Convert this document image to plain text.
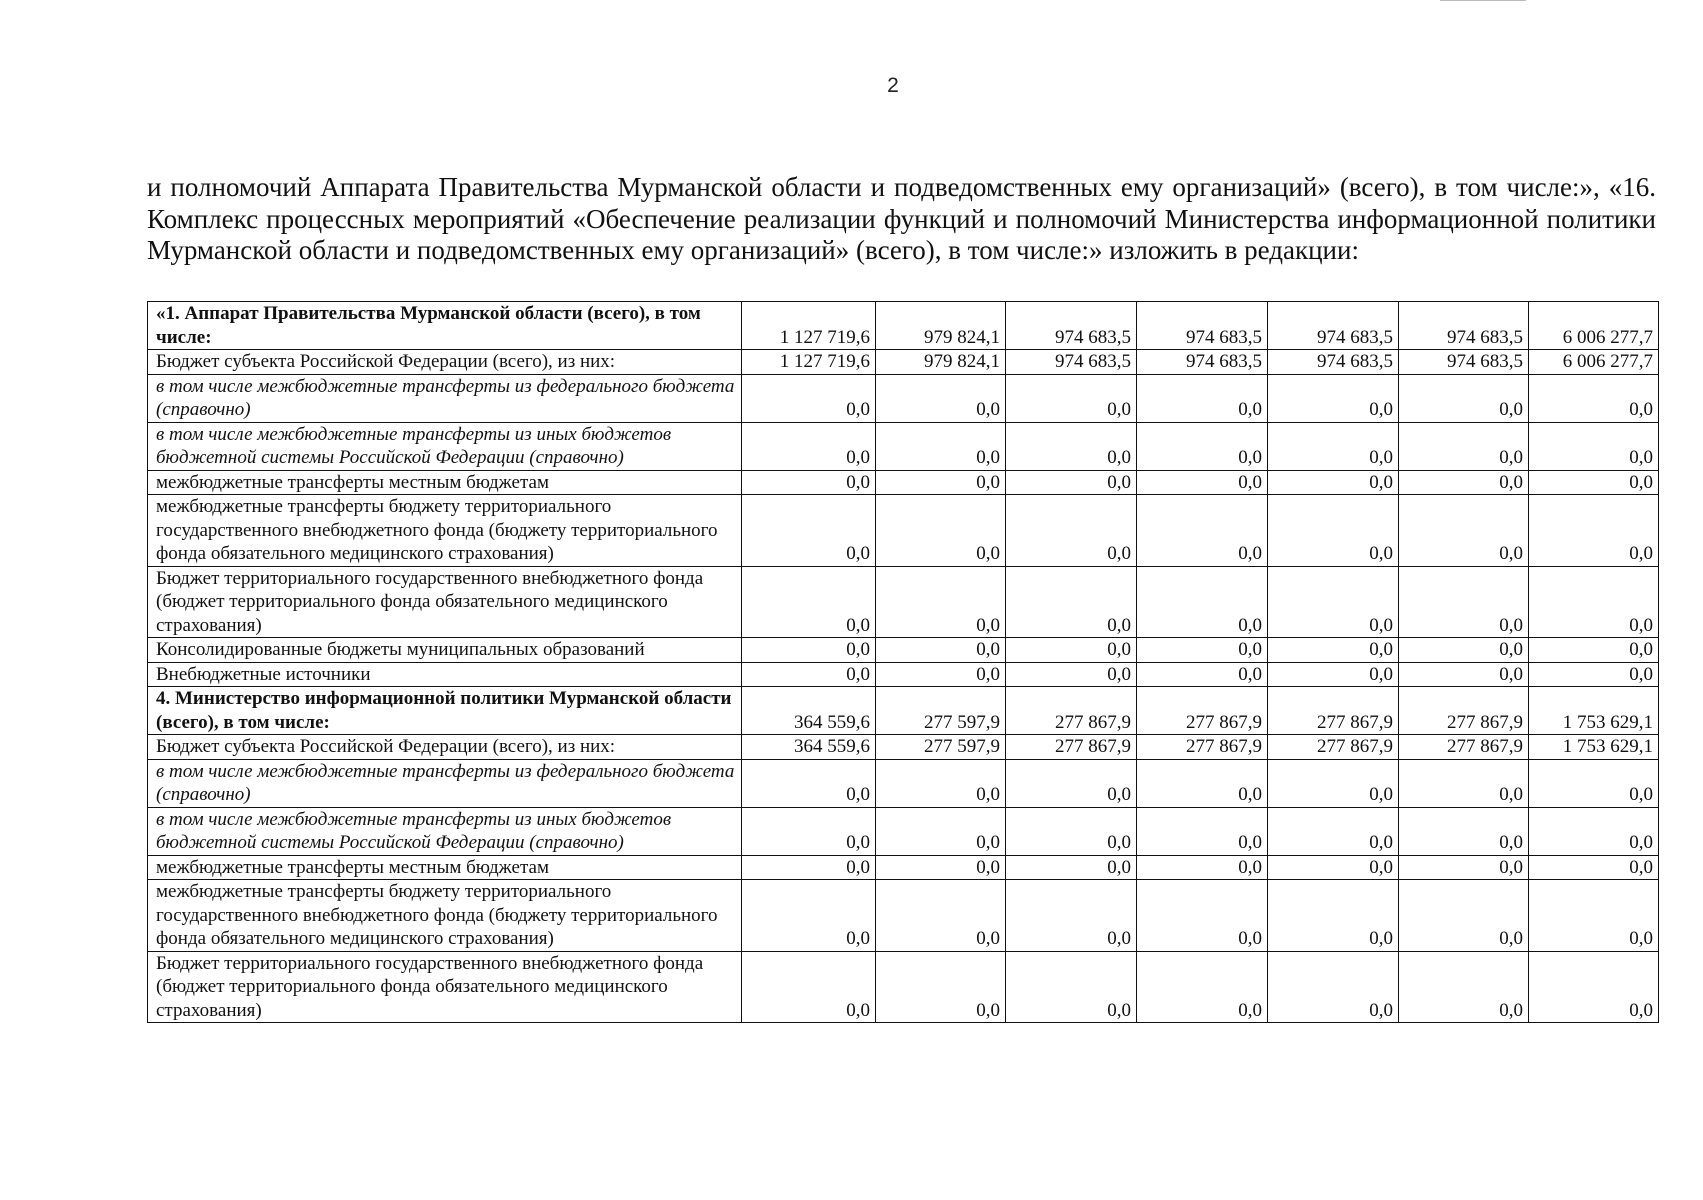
2

и полномочий Аппарата Правительства Мурманской области и подведомственных ему организаций» (всего), в том числе:», «16. Комплекс процессных мероприятий «Обеспечение реализации функций и полномочий Министерства информационной политики Мурманской области и подведомственных ему организаций» (всего), в том числе:» изложить в редакции:

«1. Аппарат Правительства Мурманской области (всего), в том числе:	1 127 719,6	979 824,1	974 683,5	974 683,5	974 683,5	974 683,5	6 006 277,7
Бюджет субъекта Российской Федерации (всего), из них:	1 127 719,6	979 824,1	974 683,5	974 683,5	974 683,5	974 683,5	6 006 277,7
в том числе межбюджетные трансферты из федерального бюджета (справочно)	0,0	0,0	0,0	0,0	0,0	0,0	0,0
в том числе межбюджетные трансферты из иных бюджетов бюджетной системы Российской Федерации (справочно)	0,0	0,0	0,0	0,0	0,0	0,0	0,0
межбюджетные трансферты местным бюджетам	0,0	0,0	0,0	0,0	0,0	0,0	0,0
межбюджетные трансферты бюджету территориального государственного внебюджетного фонда (бюджету территориального фонда обязательного медицинского страхования)	0,0	0,0	0,0	0,0	0,0	0,0	0,0
Бюджет территориального государственного внебюджетного фонда (бюджет территориального фонда обязательного медицинского страхования)	0,0	0,0	0,0	0,0	0,0	0,0	0,0
Консолидированные бюджеты муниципальных образований	0,0	0,0	0,0	0,0	0,0	0,0	0,0
Внебюджетные источники	0,0	0,0	0,0	0,0	0,0	0,0	0,0
4. Министерство информационной политики Мурманской области (всего), в том числе:	364 559,6	277 597,9	277 867,9	277 867,9	277 867,9	277 867,9	1 753 629,1
Бюджет субъекта Российской Федерации (всего), из них:	364 559,6	277 597,9	277 867,9	277 867,9	277 867,9	277 867,9	1 753 629,1
в том числе межбюджетные трансферты из федерального бюджета (справочно)	0,0	0,0	0,0	0,0	0,0	0,0	0,0
в том числе межбюджетные трансферты из иных бюджетов бюджетной системы Российской Федерации (справочно)	0,0	0,0	0,0	0,0	0,0	0,0	0,0
межбюджетные трансферты местным бюджетам	0,0	0,0	0,0	0,0	0,0	0,0	0,0
межбюджетные трансферты бюджету территориального государственного внебюджетного фонда (бюджету территориального фонда обязательного медицинского страхования)	0,0	0,0	0,0	0,0	0,0	0,0	0,0
Бюджет территориального государственного внебюджетного фонда (бюджет территориального фонда обязательного медицинского страхования)	0,0	0,0	0,0	0,0	0,0	0,0	0,0
